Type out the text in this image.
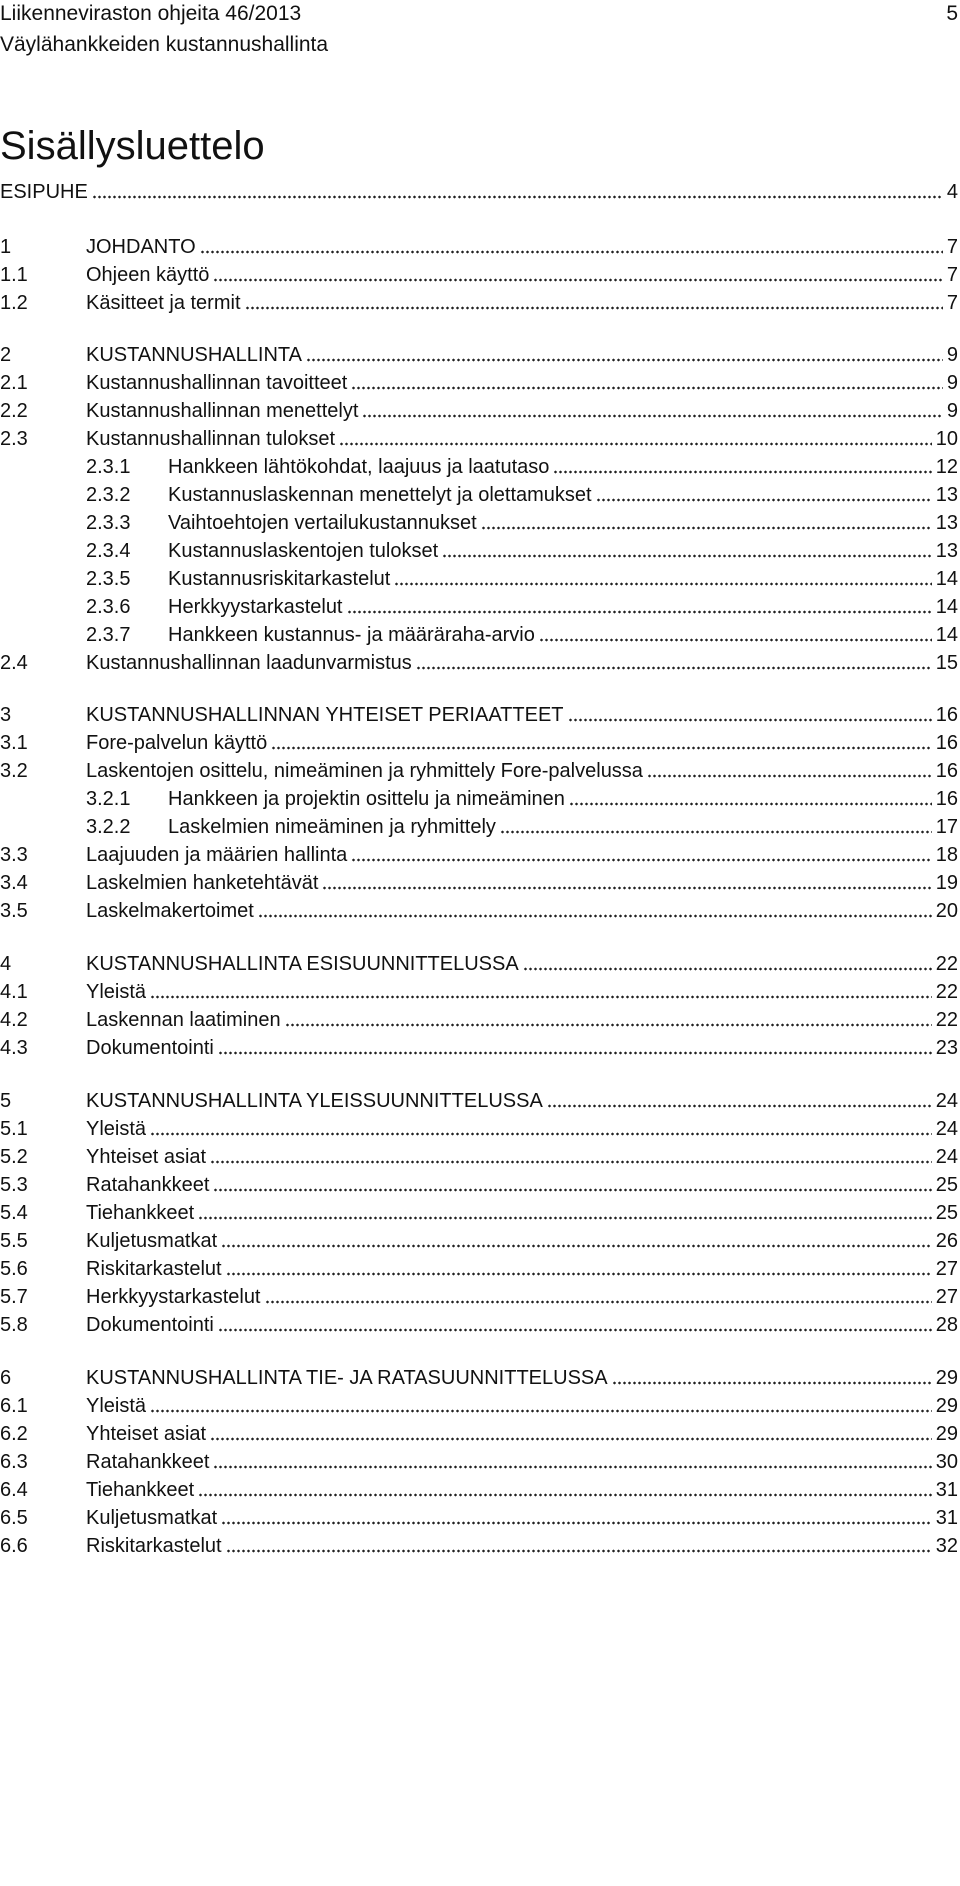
Liikenneviraston ohjeita 46/2013
Väylähankkeiden kustannushallinta
5
Sisällysluettelo
ESIPUHE	4
1	JOHDANTO	7
1.1	Ohjeen käyttö	7
1.2	Käsitteet ja termit	7
2	KUSTANNUSHALLINTA	9
2.1	Kustannushallinnan tavoitteet	9
2.2	Kustannushallinnan menettelyt	9
2.3	Kustannushallinnan tulokset	10
2.3.1 Hankkeen lähtökohdat, laajuus ja laatutaso	12
2.3.2 Kustannuslaskennan menettelyt ja olettamukset	13
2.3.3 Vaihtoehtojen vertailukustannukset	13
2.3.4 Kustannuslaskentojen tulokset	13
2.3.5 Kustannusriskitarkastelut	14
2.3.6 Herkkyystarkastelut	14
2.3.7 Hankkeen kustannus- ja määräraha-arvio	14
2.4	Kustannushallinnan laadunvarmistus	15
3	KUSTANNUSHALLINNAN YHTEISET PERIAATTEET	16
3.1	Fore-palvelun käyttö	16
3.2	Laskentojen osittelu, nimeäminen ja ryhmittely Fore-palvelussa	16
3.2.1 Hankkeen ja projektin osittelu ja nimeäminen	16
3.2.2 Laskelmien nimeäminen ja ryhmittely	17
3.3	Laajuuden ja määrien hallinta	18
3.4	Laskelmien hanketehtävät	19
3.5	Laskelmakertoimet	20
4	KUSTANNUSHALLINTA ESISUUNNITTELUSSA	22
4.1	Yleistä	22
4.2	Laskennan laatiminen	22
4.3	Dokumentointi	23
5	KUSTANNUSHALLINTA YLEISSUUNNITTELUSSA	24
5.1	Yleistä	24
5.2	Yhteiset asiat	24
5.3	Ratahankkeet	25
5.4	Tiehankkeet	25
5.5	Kuljetusmatkat	26
5.6	Riskitarkastelut	27
5.7	Herkkyystarkastelut	27
5.8	Dokumentointi	28
6	KUSTANNUSHALLINTA TIE- JA RATASUUNNITTELUSSA	29
6.1	Yleistä	29
6.2	Yhteiset asiat	29
6.3	Ratahankkeet	30
6.4	Tiehankkeet	31
6.5	Kuljetusmatkat	31
6.6	Riskitarkastelut	32
